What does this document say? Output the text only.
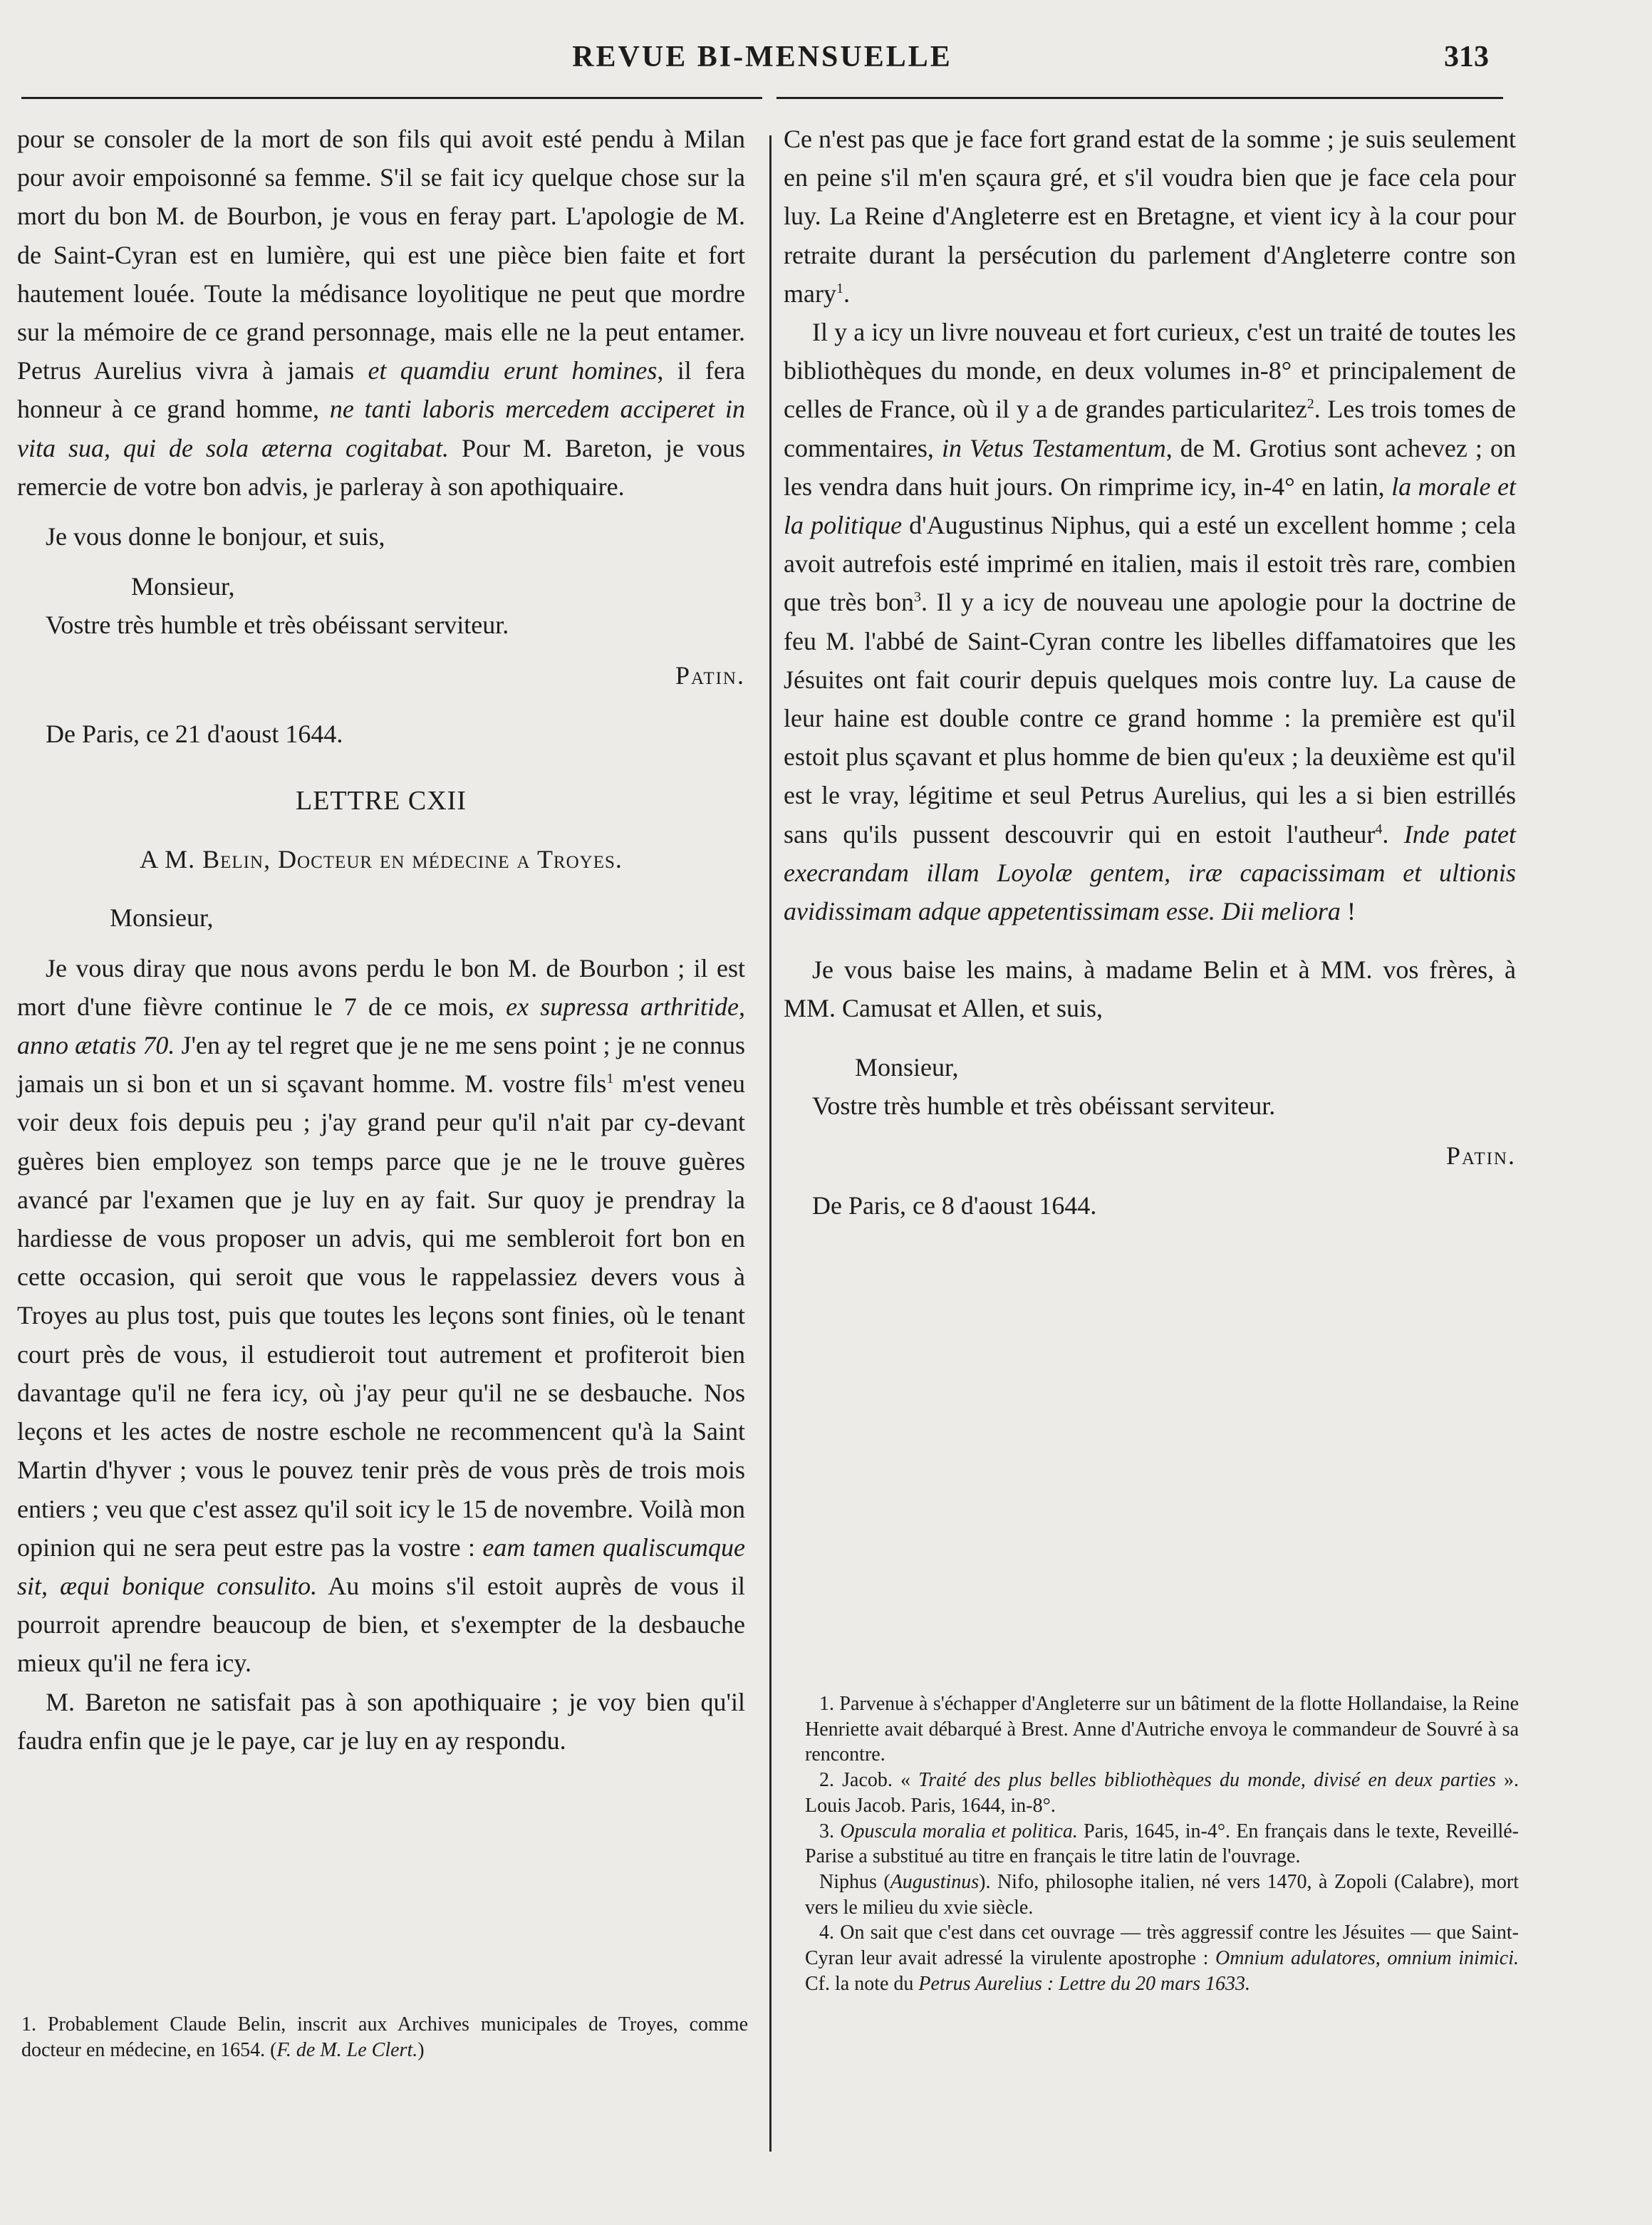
REVUE BI-MENSUELLE	313

pour se consoler de la mort de son fils qui avoit esté pendu à Milan pour avoir empoisonné sa femme. S'il se fait icy quelque chose sur la mort du bon M. de Bourbon, je vous en feray part. L'apologie de M. de Saint-Cyran est en lumière, qui est une pièce bien faite et fort hautement louée. Toute la médisance loyolitique ne peut que mordre sur la mémoire de ce grand personnage, mais elle ne la peut entamer. Petrus Aurelius vivra à jamais et quamdiu erunt homines, il fera honneur à ce grand homme, ne tanti laboris mercedem acciperet in vita sua, qui de sola æterna cogitabat. Pour M. Bareton, je vous remercie de votre bon advis, je parleray à son apothiquaire.

Je vous donne le bonjour, et suis,

Monsieur,

Vostre très humble et très obéissant serviteur.

Patin.

De Paris, ce 21 d'aoust 1644.

LETTRE CXII

A M. Belin, Docteur en médecine a Troyes.

Monsieur,

Je vous diray que nous avons perdu le bon M. de Bourbon ; il est mort d'une fièvre continue le 7 de ce mois, ex supressa arthritide, anno ætatis 70. J'en ay tel regret que je ne me sens point ; je ne connus jamais un si bon et un si sçavant homme. M. vostre fils$^1$ m'est veneu voir deux fois depuis peu ; j'ay grand peur qu'il n'ait par cy-devant guères bien employez son temps parce que je ne le trouve guères avancé par l'examen que je luy en ay fait. Sur quoy je prendray la hardiesse de vous proposer un advis, qui me sembleroit fort bon en cette occasion, qui seroit que vous le rappelassiez devers vous à Troyes au plus tost, puis que toutes les leçons sont finies, où le tenant court près de vous, il estudieroit tout autrement et profiteroit bien davantage qu'il ne fera icy, où j'ay peur qu'il ne se desbauche. Nos leçons et les actes de nostre eschole ne recommencent qu'à la Saint Martin d'hyver ; vous le pouvez tenir près de vous près de trois mois entiers ; veu que c'est assez qu'il soit icy le 15 de novembre. Voilà mon opinion qui ne sera peut estre pas la vostre : eam tamen qualiscumque sit, æqui bonique consulito. Au moins s'il estoit auprès de vous il pourroit aprendre beaucoup de bien, et s'exempter de la desbauche mieux qu'il ne fera icy.

M. Bareton ne satisfait pas à son apothiquaire ; je voy bien qu'il faudra enfin que je le paye, car je luy en ay respondu.

1. Probablement Claude Belin, inscrit aux Archives municipales de Troyes, comme docteur en médecine, en 1654. (F. de M. Le Clert.)

Ce n'est pas que je face fort grand estat de la somme ; je suis seulement en peine s'il m'en sçaura gré, et s'il voudra bien que je face cela pour luy. La Reine d'Angleterre est en Bretagne, et vient icy à la cour pour retraite durant la persécution du parlement d'Angleterre contre son mary$^1$.

Il y a icy un livre nouveau et fort curieux, c'est un traité de toutes les bibliothèques du monde, en deux volumes in-8° et principalement de celles de France, où il y a de grandes particularitez$^2$. Les trois tomes de commentaires, in Vetus Testamentum, de M. Grotius sont achevez ; on les vendra dans huit jours. On rimprime icy, in-4° en latin, la morale et la politique d'Augustinus Niphus, qui a esté un excellent homme ; cela avoit autrefois esté imprimé en italien, mais il estoit très rare, combien que très bon$^3$. Il y a icy de nouveau une apologie pour la doctrine de feu M. l'abbé de Saint-Cyran contre les libelles diffamatoires que les Jésuites ont fait courir depuis quelques mois contre luy. La cause de leur haine est double contre ce grand homme : la première est qu'il estoit plus sçavant et plus homme de bien qu'eux ; la deuxième est qu'il est le vray, légitime et seul Petrus Aurelius, qui les a si bien estrillés sans qu'ils pussent descouvrir qui en estoit l'autheur$^4$. Inde patet execrandam illam Loyolæ gentem, iræ capacissimam et ultionis avidissimam adque appetentissimam esse. Dii meliora !

Je vous baise les mains, à madame Belin et à MM. vos frères, à MM. Camusat et Allen, et suis,

Monsieur,

Vostre très humble et très obéissant serviteur.

Patin.

De Paris, ce 8 d'aoust 1644.

1. Parvenue à s'échapper d'Angleterre sur un bâtiment de la flotte Hollandaise, la Reine Henriette avait débarqué à Brest. Anne d'Autriche envoya le commandeur de Souvré à sa rencontre.

2. Jacob. « Traité des plus belles bibliothèques du monde, divisé en deux parties ». Louis Jacob. Paris, 1644, in-8°.

3. Opuscula moralia et politica. Paris, 1645, in-4°. En français dans le texte, Reveillé-Parise a substitué au titre en français le titre latin de l'ouvrage.

Niphus (Augustinus). Nifo, philosophe italien, né vers 1470, à Zopoli (Calabre), mort vers le milieu du xvie siècle.

4. On sait que c'est dans cet ouvrage — très aggressif contre les Jésuites — que Saint-Cyran leur avait adressé la virulente apostrophe : Omnium adulatores, omnium inimici. Cf. la note du Petrus Aurelius : Lettre du 20 mars 1633.
